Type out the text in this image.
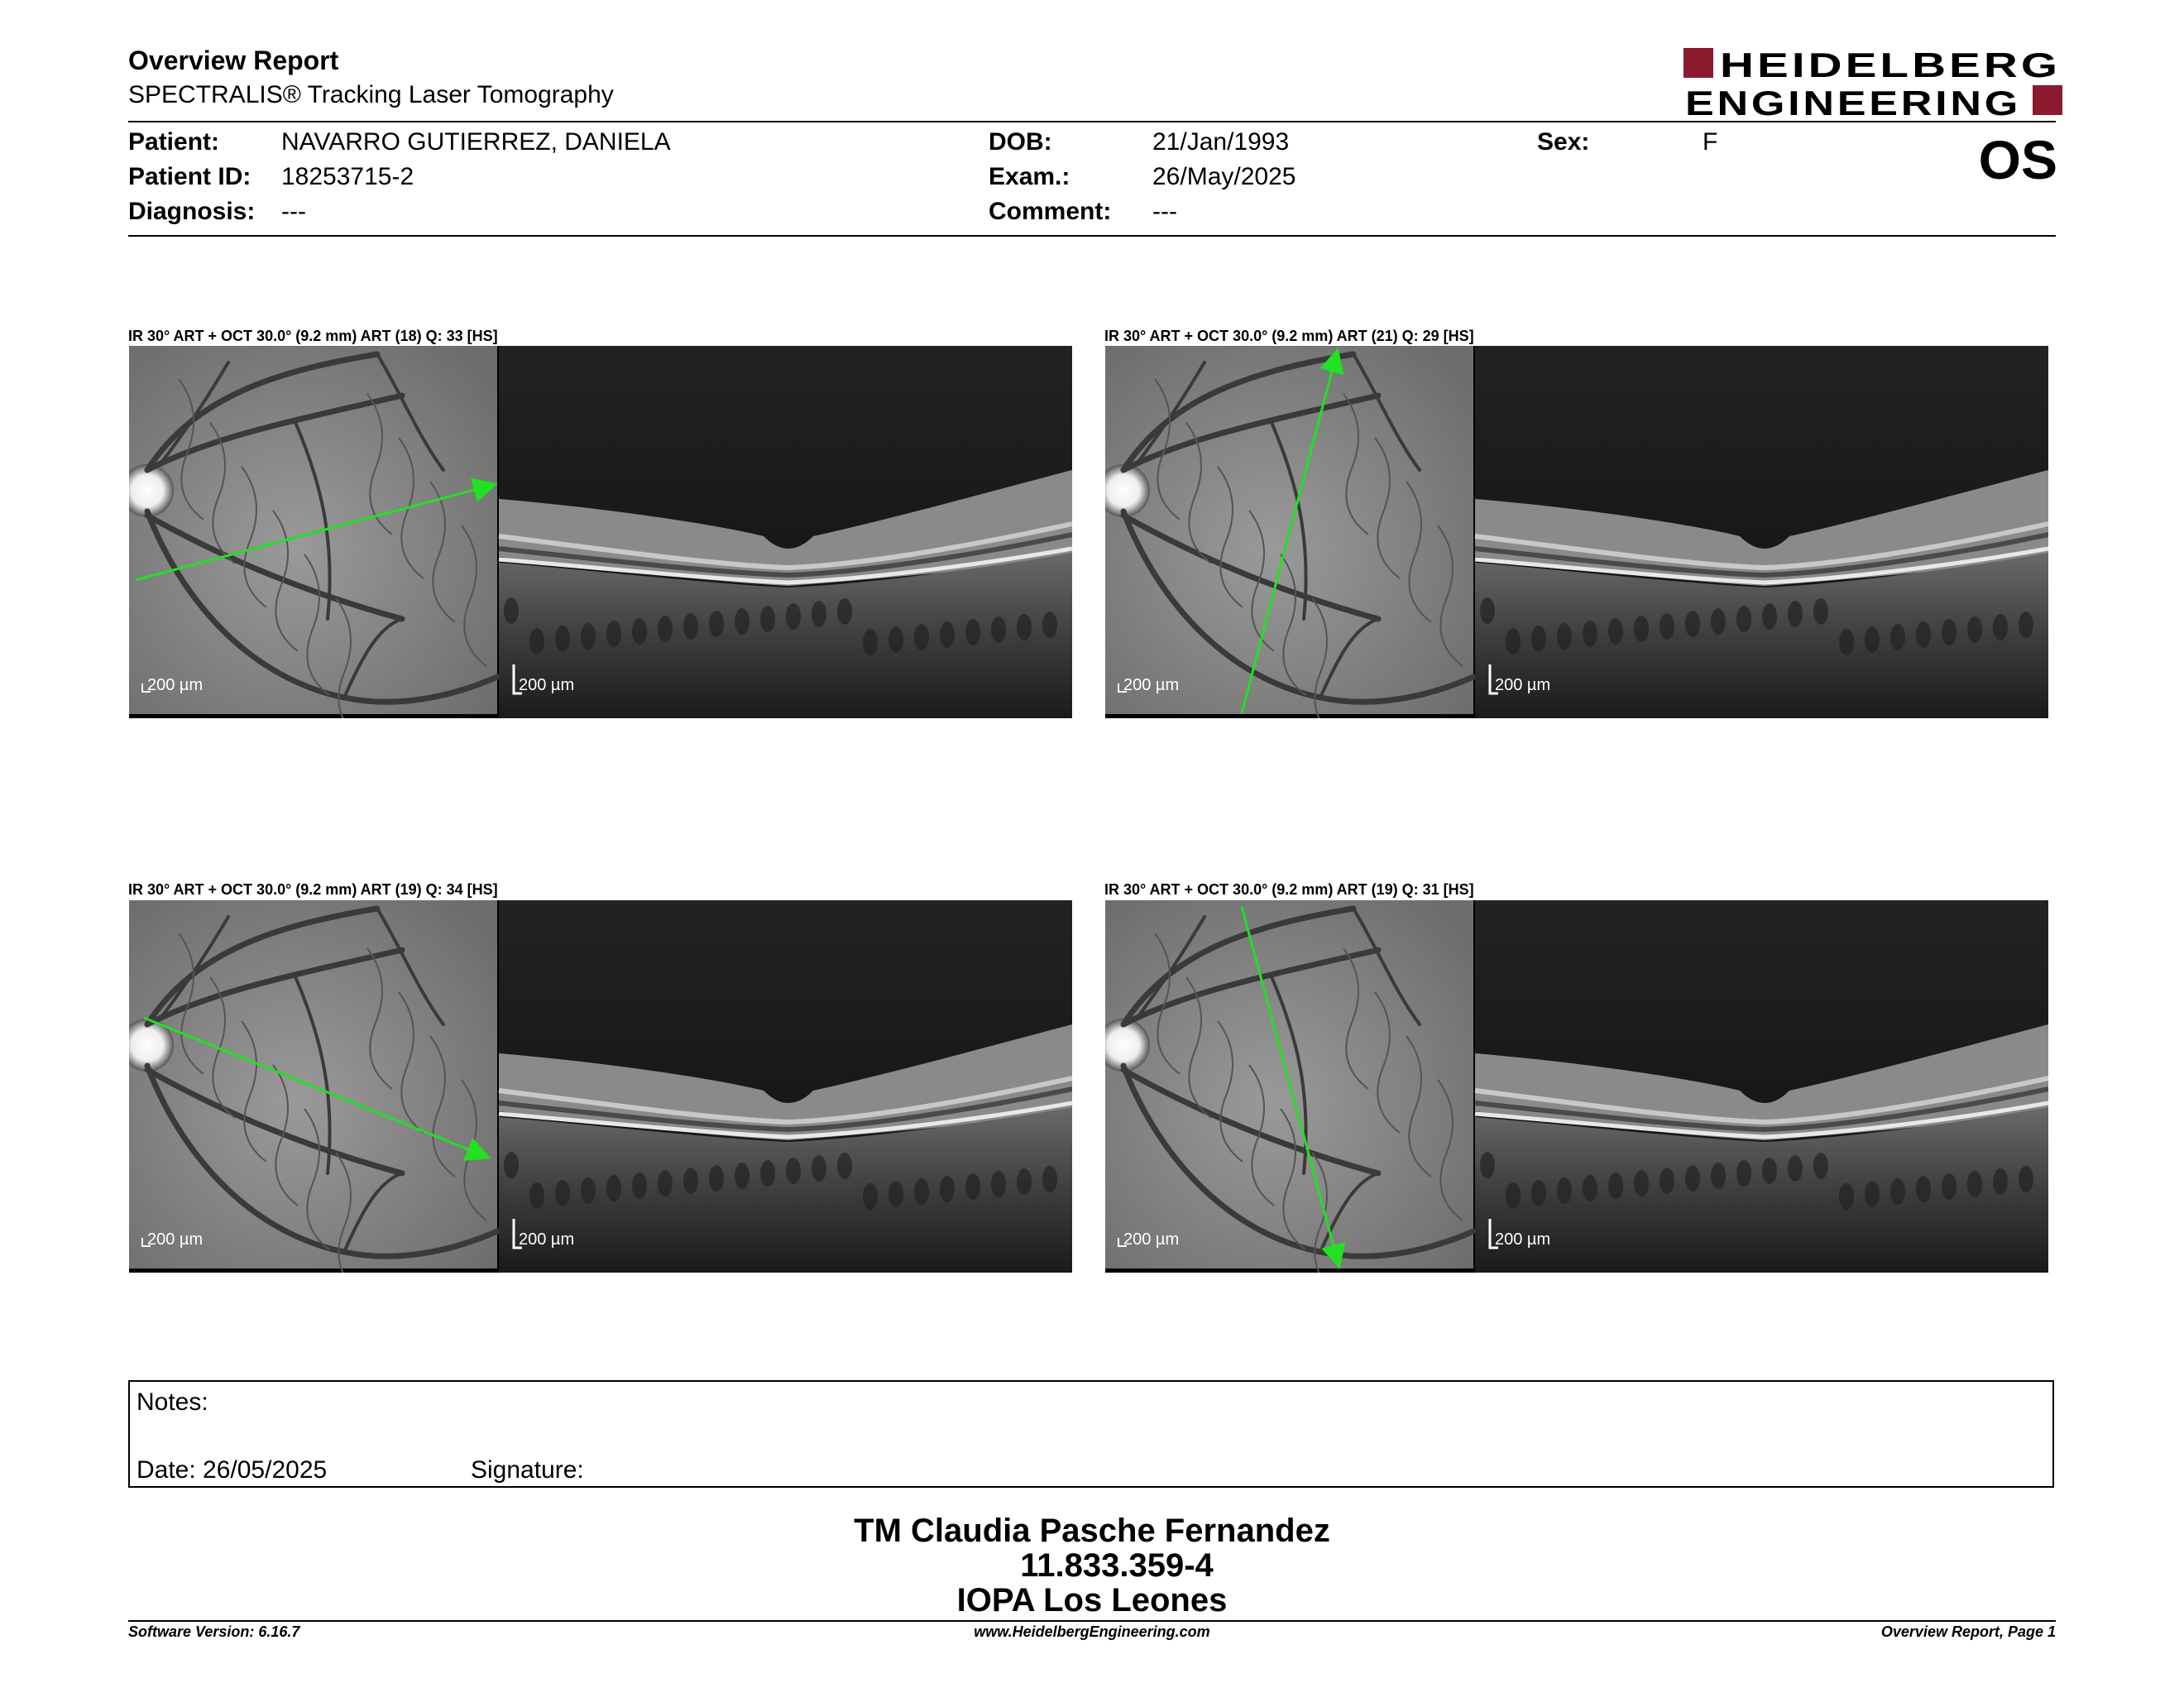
Overview Report
SPECTRALIS® Tracking Laser Tomography
HEIDELBERG
ENGINEERING
Patient: NAVARRO GUTIERREZ, DANIELA
Patient ID: 18253715-2
Diagnosis: ---
DOB:	21/Jan/1993
Exam.:	26/May/2025
Comment: ---
Sex:	F	OS
IR 30° ART + OCT 30.0° (9.2 mm) ART (18) Q: 33 [HS]	IR 30° ART + OCT 30.0° (9.2 mm) ART (21) Q: 29 [HS]
IR 30° ART + OCT 30.0° (9.2 mm) ART (19) Q: 34 [HS]	IR 30° ART + OCT 30.0° (9.2 mm) ART (19) Q: 31 [HS]
200 µm	200 µm	200 µm	200 µm
200 µm	200 µm	200 µm	200 µm
Notes:
Date: 26/05/2025	Signature:
TM Claudia Pasche Fernandez
11.833.359-4
IOPA Los Leones
Software Version: 6.16.7	www.HeidelbergEngineering.com	Overview Report, Page 1
